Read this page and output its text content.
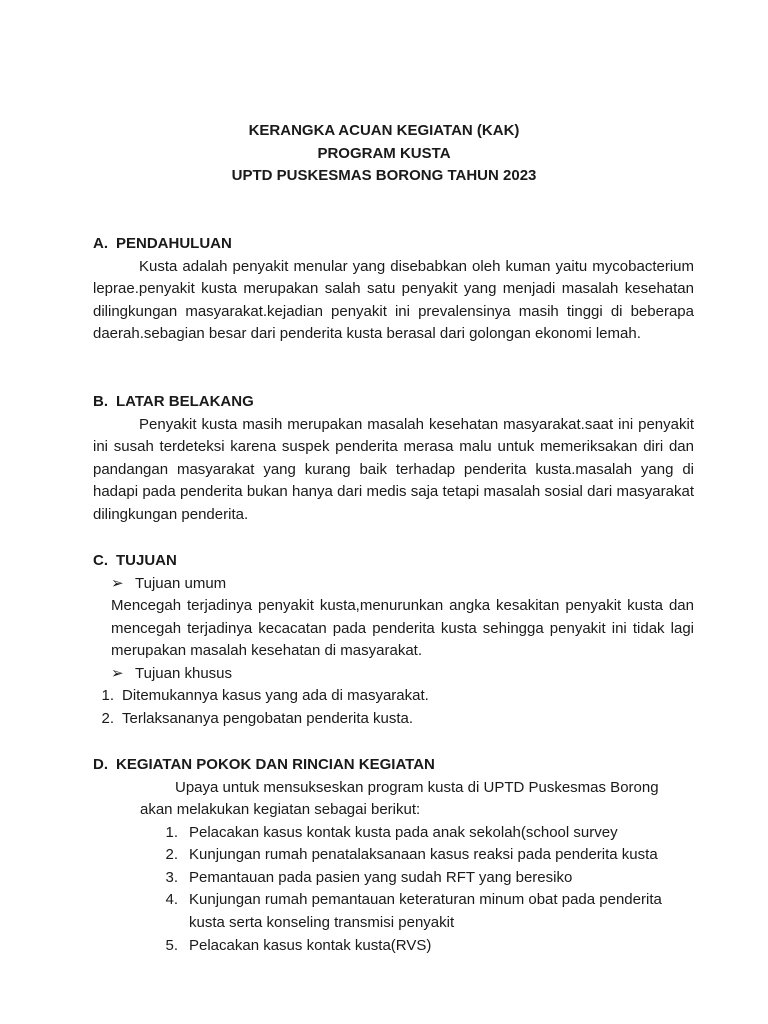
KERANGKA ACUAN KEGIATAN (KAK)
PROGRAM KUSTA
UPTD PUSKESMAS BORONG TAHUN 2023
A. PENDAHULUAN
Kusta adalah penyakit menular yang disebabkan oleh kuman yaitu mycobacterium leprae.penyakit kusta merupakan salah satu penyakit yang menjadi masalah kesehatan dilingkungan masyarakat.kejadian penyakit ini prevalensinya masih tinggi di beberapa daerah.sebagian besar dari penderita kusta berasal dari golongan ekonomi lemah.
B. LATAR BELAKANG
Penyakit kusta masih merupakan masalah kesehatan masyarakat.saat ini penyakit ini susah terdeteksi karena suspek penderita merasa malu untuk memeriksakan diri dan pandangan masyarakat yang kurang baik terhadap penderita kusta.masalah yang di hadapi pada penderita bukan hanya dari medis saja tetapi masalah sosial dari masyarakat dilingkungan penderita.
C. TUJUAN
➢ Tujuan umum
Mencegah terjadinya penyakit kusta,menurunkan angka kesakitan penyakit kusta dan mencegah terjadinya kecacatan pada penderita kusta sehingga penyakit ini tidak lagi merupakan masalah kesehatan di masyarakat.
➢ Tujuan khusus
1. Ditemukannya kasus yang ada di masyarakat.
2. Terlaksananya pengobatan penderita kusta.
D. KEGIATAN POKOK DAN RINCIAN KEGIATAN
Upaya untuk mensukseskan program kusta di UPTD Puskesmas Borong
akan melakukan kegiatan sebagai berikut:
1. Pelacakan kasus kontak kusta pada anak sekolah(school survey
2. Kunjungan rumah penatalaksanaan kasus reaksi pada penderita kusta
3. Pemantauan pada pasien yang sudah RFT yang beresiko
4. Kunjungan rumah pemantauan keteraturan minum obat pada penderita kusta serta konseling transmisi penyakit
5. Pelacakan kasus kontak kusta(RVS)
